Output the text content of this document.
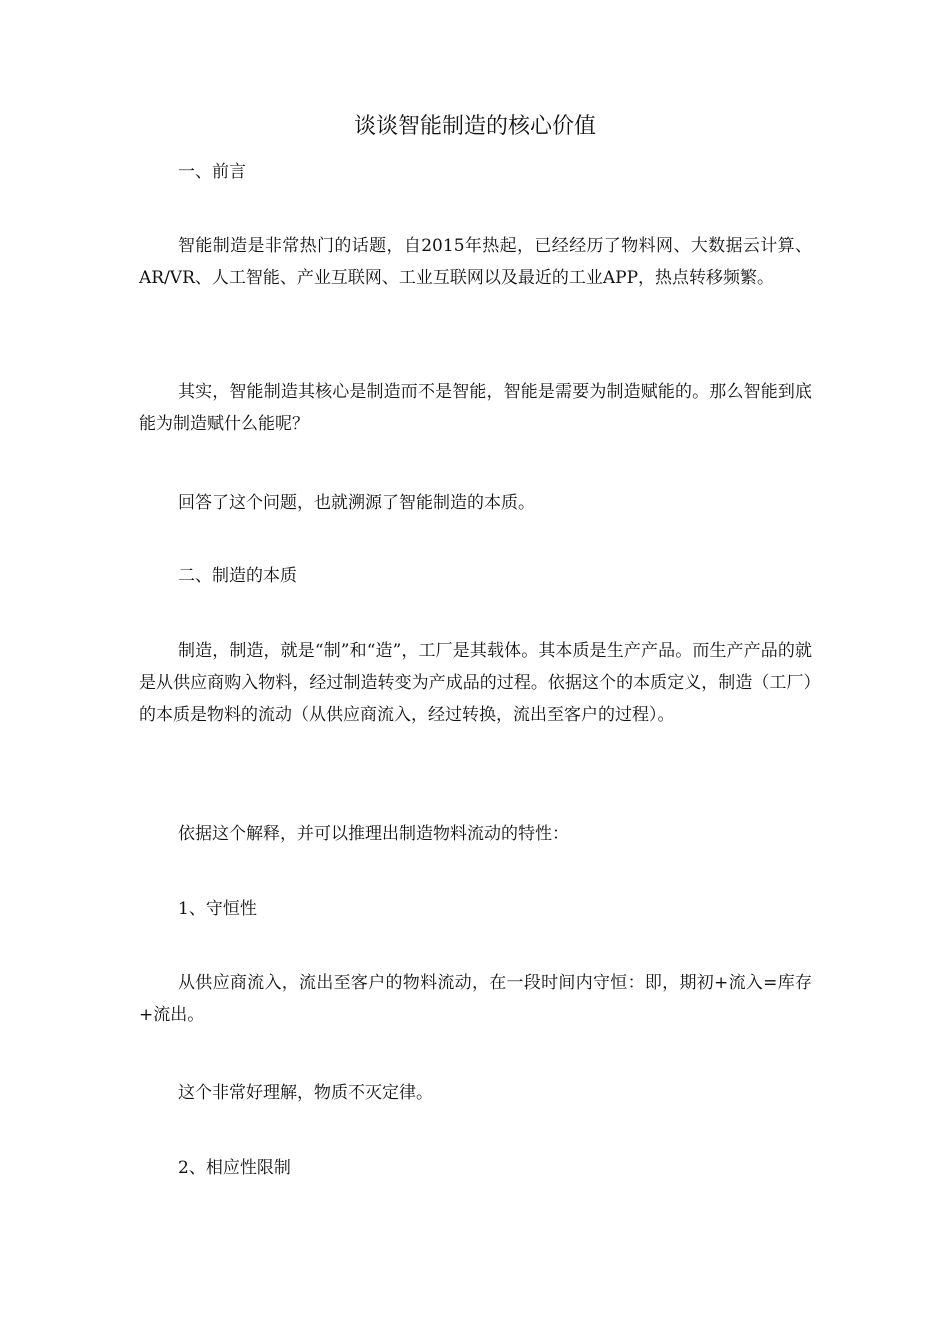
谈谈智能制造的核心价值
一、前言
智能制造是非常热门的话题，自2015年热起，已经经历了物料网、大数据云计算、AR/VR、人工智能、产业互联网、工业互联网以及最近的工业APP，热点转移频繁。
其实，智能制造其核心是制造而不是智能，智能是需要为制造赋能的。那么智能到底能为制造赋什么能呢？
回答了这个问题，也就溯源了智能制造的本质。
二、制造的本质
制造，制造，就是“制”和“造”，工厂是其载体。其本质是生产产品。而生产产品的就是从供应商购入物料，经过制造转变为产成品的过程。依据这个的本质定义，制造（工厂）的本质是物料的流动（从供应商流入，经过转换，流出至客户的过程）。
依据这个解释，并可以推理出制造物料流动的特性：
1、守恒性
从供应商流入，流出至客户的物料流动，在一段时间内守恒：即，期初+流入=库存+流出。
这个非常好理解，物质不灭定律。
2、相应性限制
